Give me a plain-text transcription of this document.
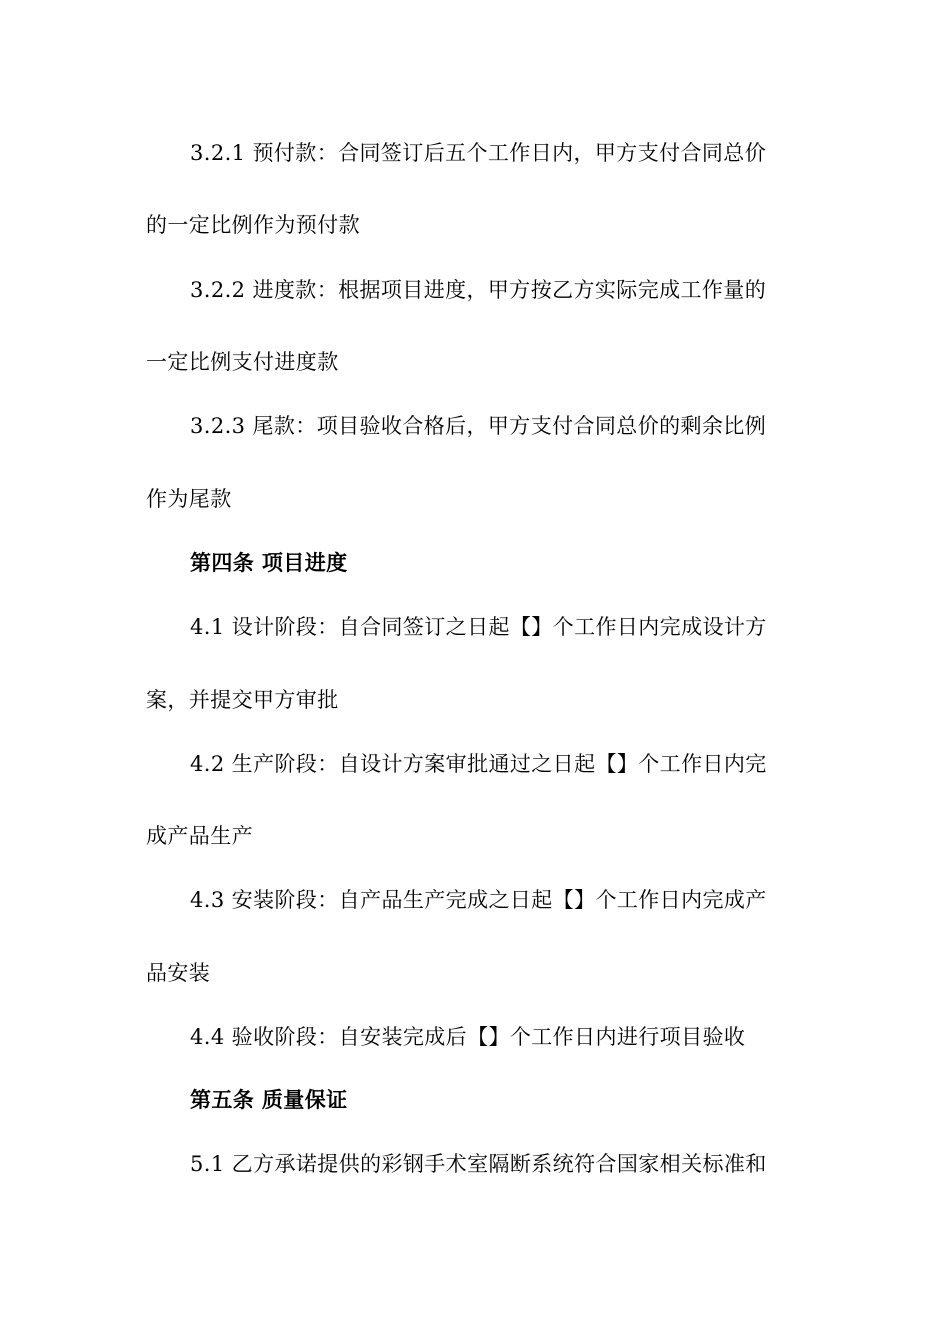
3.2.1 预付款：合同签订后五个工作日内，甲方支付合同总价
的一定比例作为预付款
3.2.2 进度款：根据项目进度，甲方按乙方实际完成工作量的
一定比例支付进度款
3.2.3 尾款：项目验收合格后，甲方支付合同总价的剩余比例
作为尾款
第四条 项目进度
4.1 设计阶段：自合同签订之日起【】个工作日内完成设计方
案，并提交甲方审批
4.2 生产阶段：自设计方案审批通过之日起【】个工作日内完
成产品生产
4.3 安装阶段：自产品生产完成之日起【】个工作日内完成产
品安装
4.4 验收阶段：自安装完成后【】个工作日内进行项目验收
第五条 质量保证
5.1 乙方承诺提供的彩钢手术室隔断系统符合国家相关标准和
